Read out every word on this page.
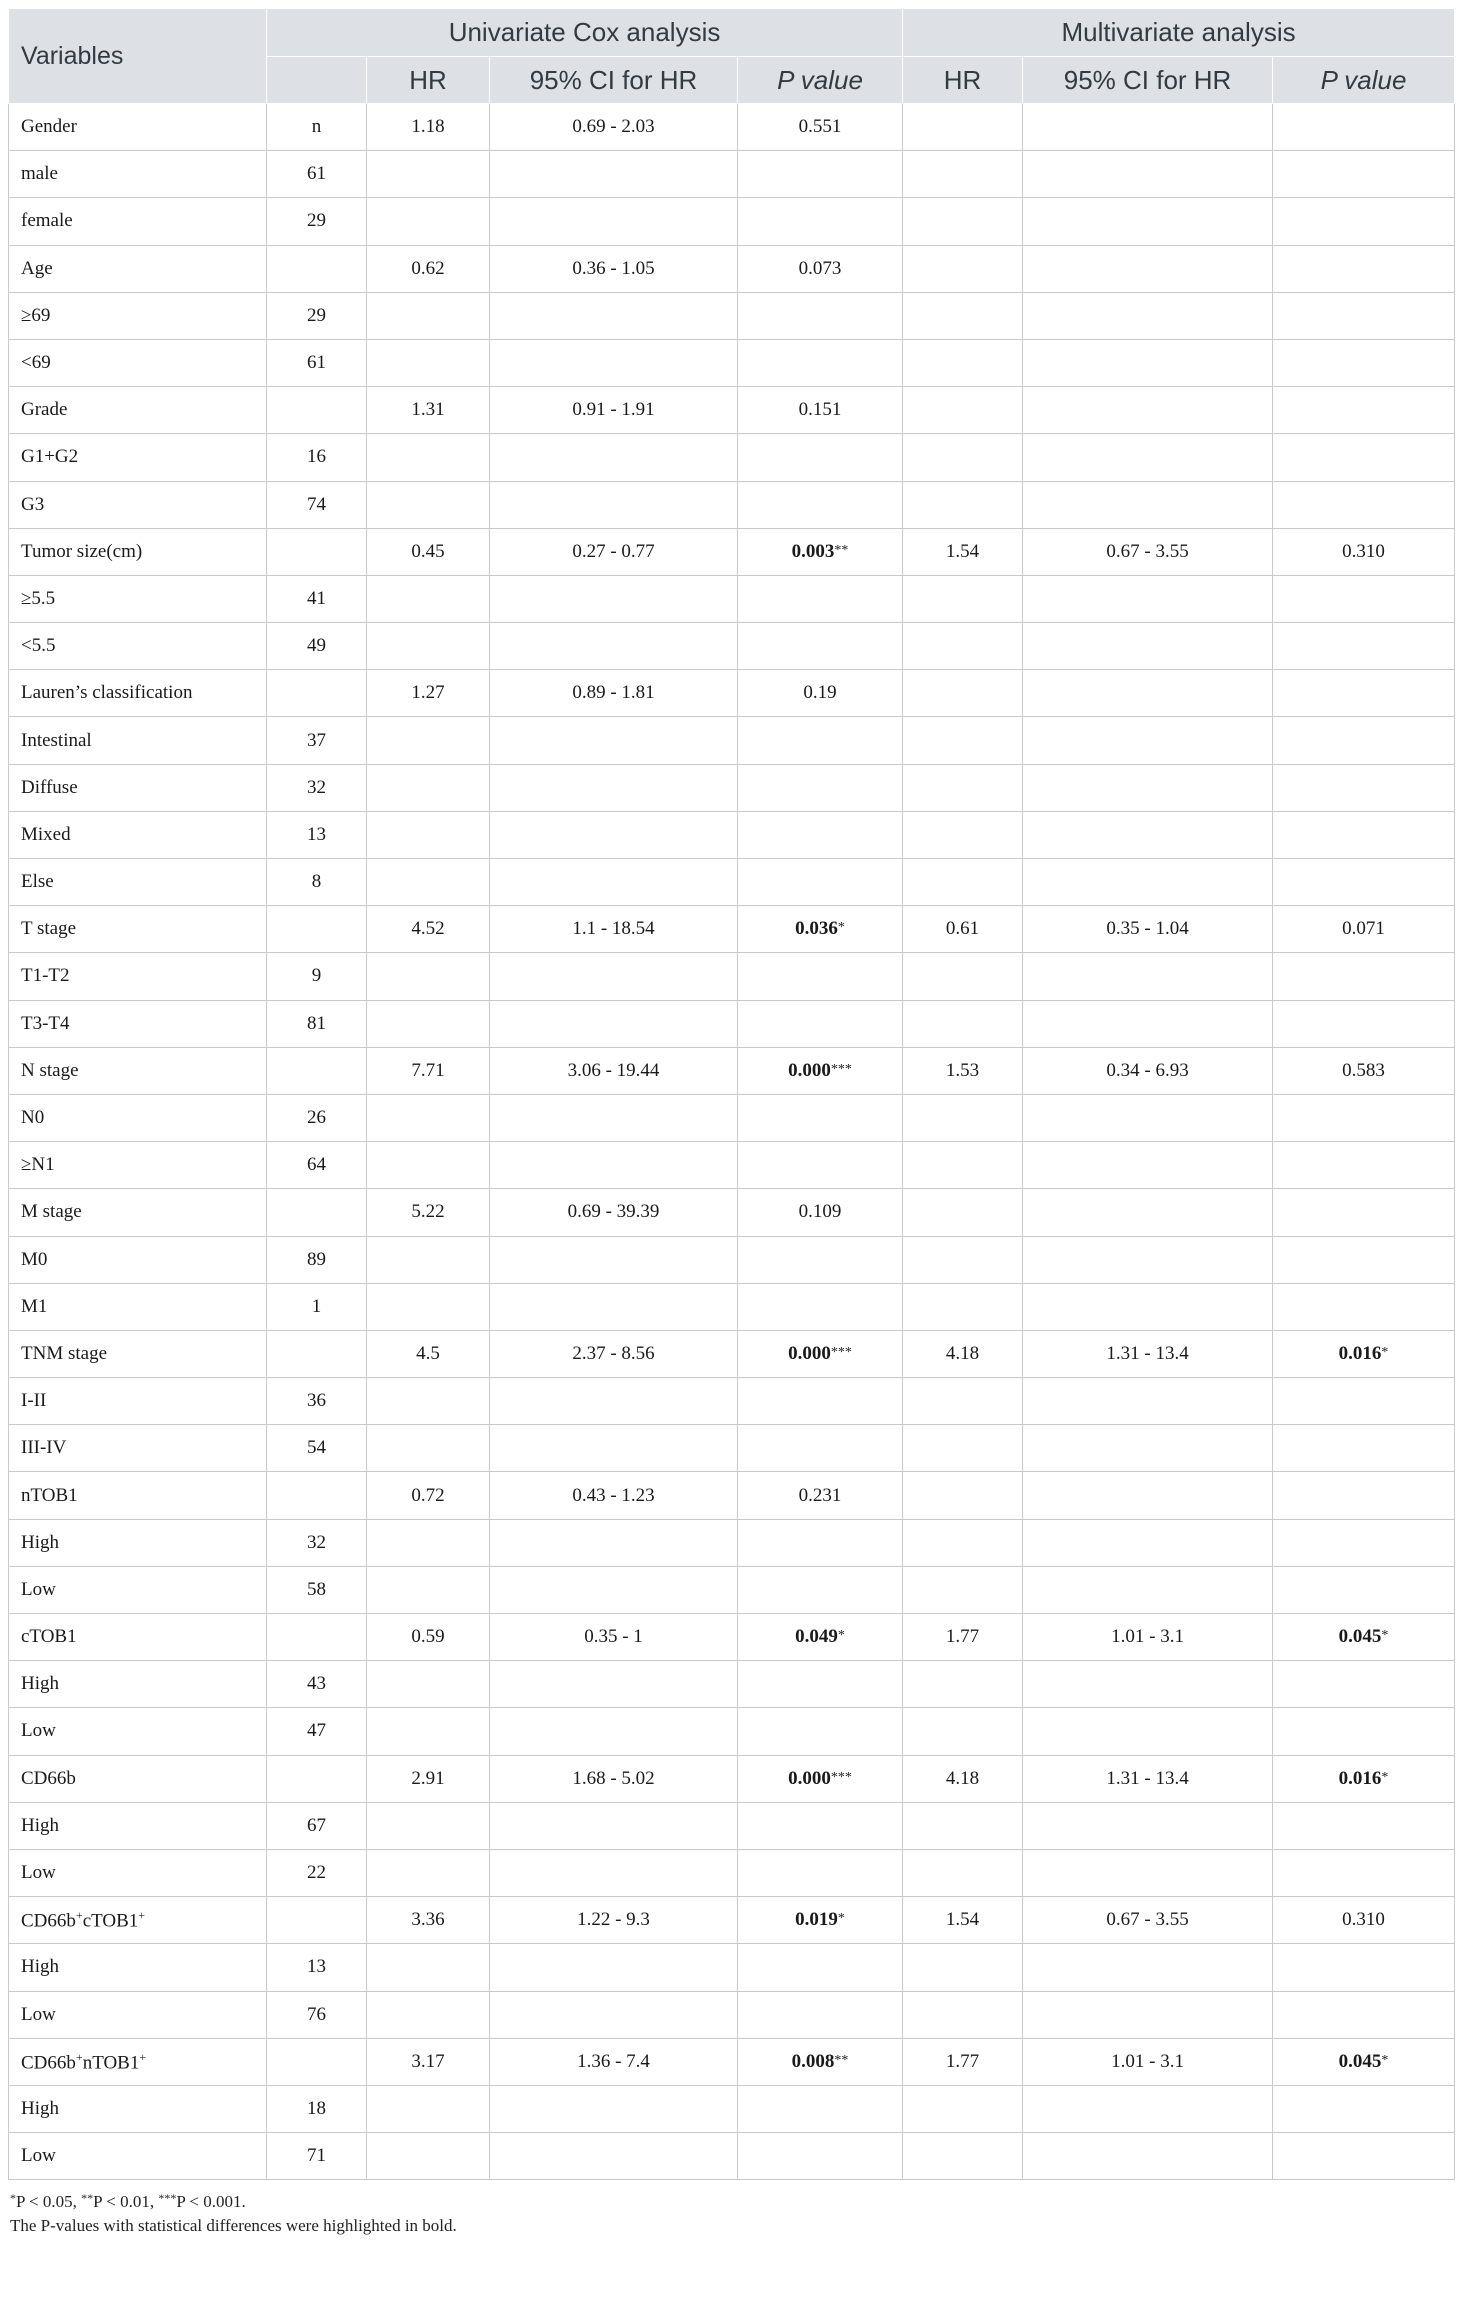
Variables	Univariate Cox analysis				Multivariate analysis		
		HR	95% CI for HR	P value	HR	95% CI for HR	P value
Gender	n	1.18	0.69 - 2.03	0.551			
male	61						
female	29						
Age		0.62	0.36 - 1.05	0.073			
≥69	29						
<69	61						
Grade		1.31	0.91 - 1.91	0.151			
G1+G2	16						
G3	74						
Tumor size(cm)		0.45	0.27 - 0.77	0.003**	1.54	0.67 - 3.55	0.310
≥5.5	41						
<5.5	49						
Lauren’s classification		1.27	0.89 - 1.81	0.19			
Intestinal	37						
Diffuse	32						
Mixed	13						
Else	8						
T stage		4.52	1.1 - 18.54	0.036*	0.61	0.35 - 1.04	0.071
T1-T2	9						
T3-T4	81						
N stage		7.71	3.06 - 19.44	0.000***	1.53	0.34 - 6.93	0.583
N0	26						
≥N1	64						
M stage		5.22	0.69 - 39.39	0.109			
M0	89						
M1	1						
TNM stage		4.5	2.37 - 8.56	0.000***	4.18	1.31 - 13.4	0.016*
I-II	36						
III-IV	54						
nTOB1		0.72	0.43 - 1.23	0.231			
High	32						
Low	58						
cTOB1		0.59	0.35 - 1	0.049*	1.77	1.01 - 3.1	0.045*
High	43						
Low	47						
CD66b		2.91	1.68 - 5.02	0.000***	4.18	1.31 - 13.4	0.016*
High	67						
Low	22						
CD66b+cTOB1+		3.36	1.22 - 9.3	0.019*	1.54	0.67 - 3.55	0.310
High	13						
Low	76						
CD66b+nTOB1+		3.17	1.36 - 7.4	0.008**	1.77	1.01 - 3.1	0.045*
High	18						
Low	71						
*P < 0.05, **P < 0.01, ***P < 0.001.
The P-values with statistical differences were highlighted in bold.
